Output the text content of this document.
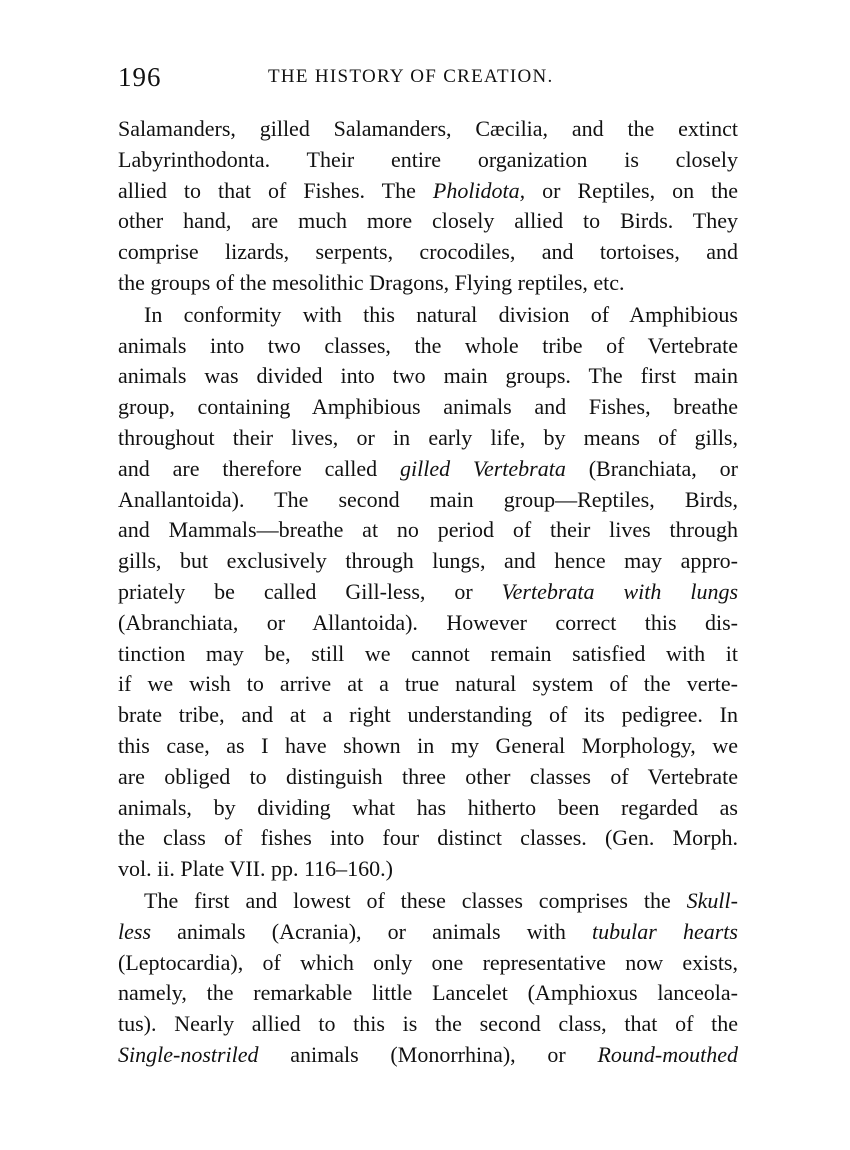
196	THE HISTORY OF CREATION.
Salamanders, gilled Salamanders, Cæcilia, and the extinct
Labyrinthodonta. Their entire organization is closely
allied to that of Fishes. The Pholidota, or Reptiles, on the
other hand, are much more closely allied to Birds. They
comprise lizards, serpents, crocodiles, and tortoises, and
the groups of the mesolithic Dragons, Flying reptiles, etc.
In conformity with this natural division of Amphibious
animals into two classes, the whole tribe of Vertebrate
animals was divided into two main groups. The first main
group, containing Amphibious animals and Fishes, breathe
throughout their lives, or in early life, by means of gills,
and are therefore called gilled Vertebrata (Branchiata, or
Anallantoida). The second main group—Reptiles, Birds,
and Mammals—breathe at no period of their lives through
gills, but exclusively through lungs, and hence may appro-
priately be called Gill-less, or Vertebrata with lungs
(Abranchiata, or Allantoida). However correct this dis-
tinction may be, still we cannot remain satisfied with it
if we wish to arrive at a true natural system of the verte-
brate tribe, and at a right understanding of its pedigree. In
this case, as I have shown in my General Morphology, we
are obliged to distinguish three other classes of Vertebrate
animals, by dividing what has hitherto been regarded as
the class of fishes into four distinct classes. (Gen. Morph.
vol. ii. Plate VII. pp. 116–160.)
The first and lowest of these classes comprises the Skull-
less animals (Acrania), or animals with tubular hearts
(Leptocardia), of which only one representative now exists,
namely, the remarkable little Lancelet (Amphioxus lanceola-
tus). Nearly allied to this is the second class, that of the
Single-nostriled animals (Monorrhina), or Round-mouthed
